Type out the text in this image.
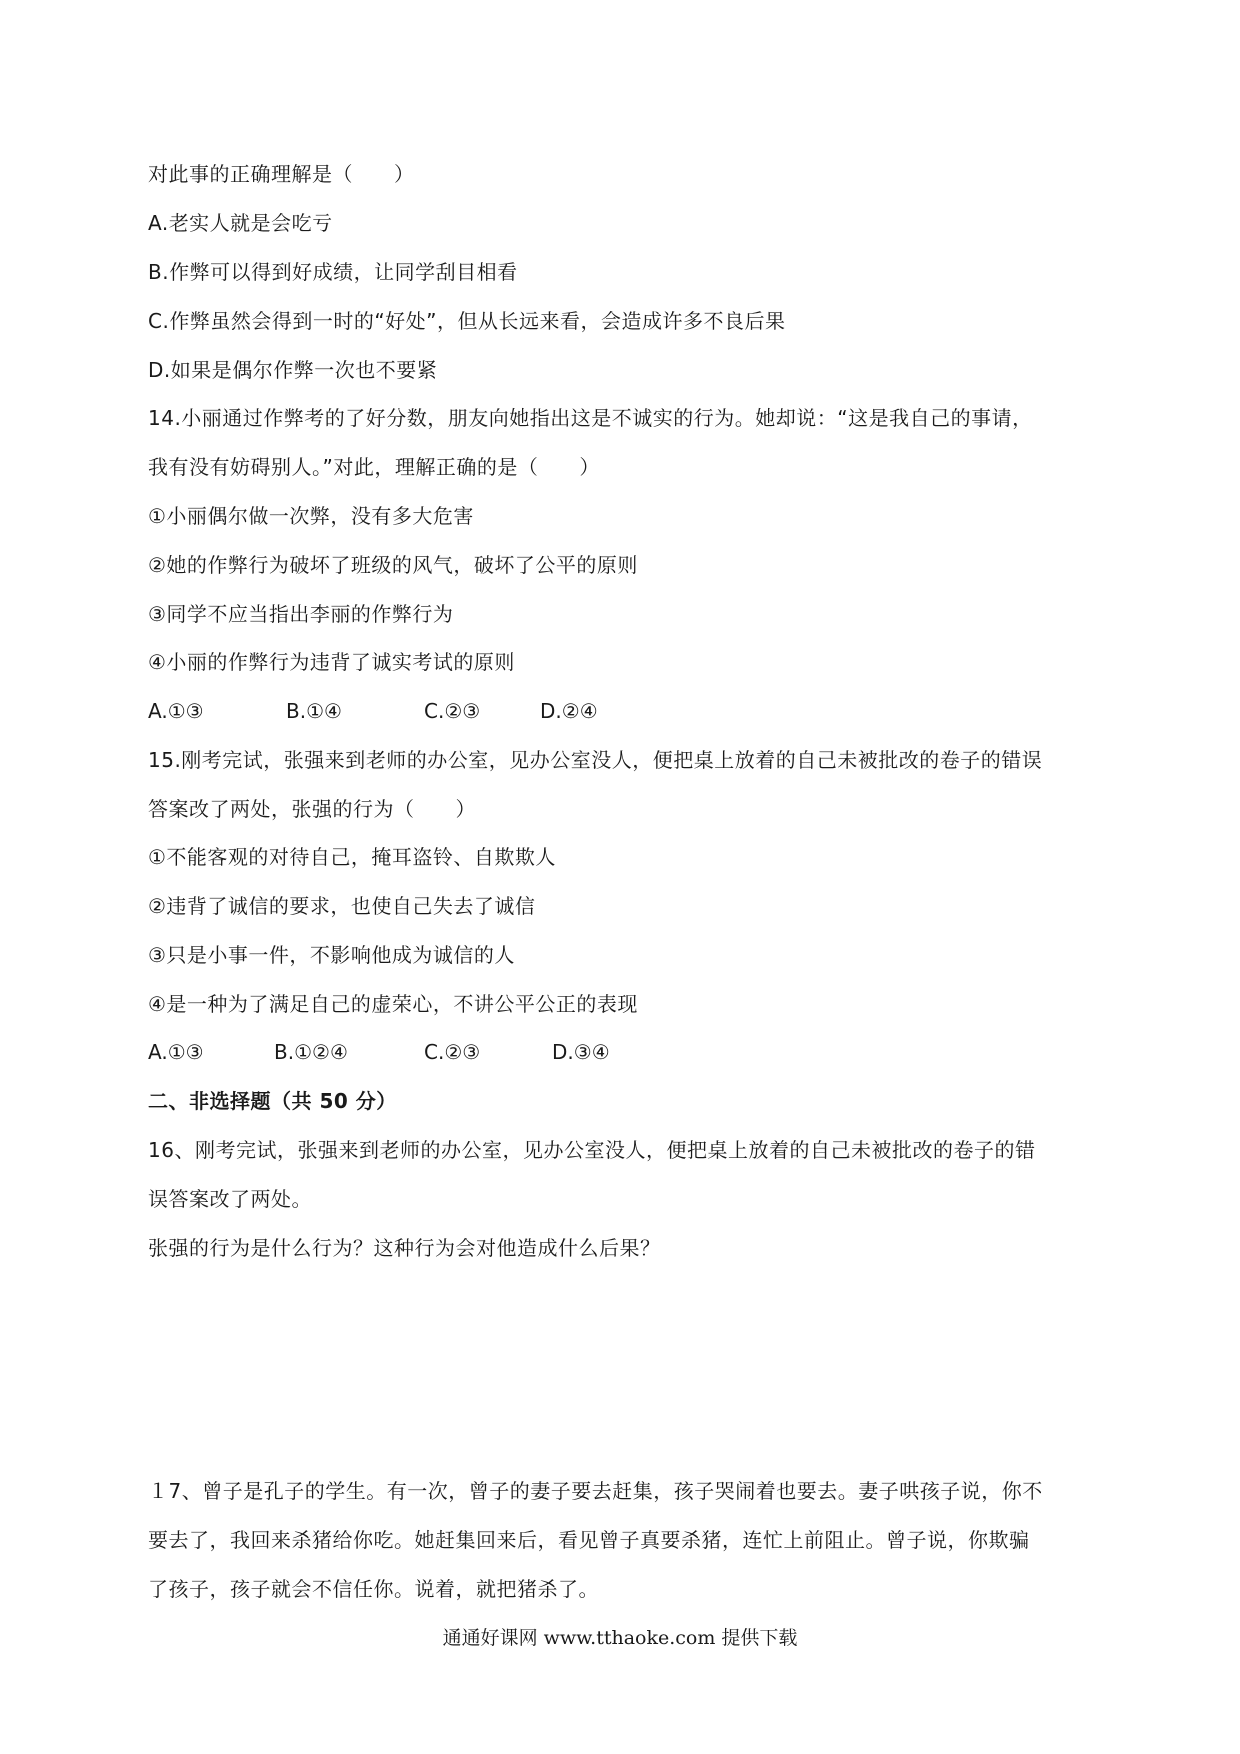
对此事的正确理解是（　　）
A.老实人就是会吃亏
B.作弊可以得到好成绩，让同学刮目相看
C.作弊虽然会得到一时的“好处”，但从长远来看，会造成许多不良后果
D.如果是偶尔作弊一次也不要紧
14.小丽通过作弊考的了好分数，朋友向她指出这是不诚实的行为。她却说：“这是我自己的事请，
我有没有妨碍别人。”对此，理解正确的是（　　）
①小丽偶尔做一次弊，没有多大危害
②她的作弊行为破坏了班级的风气，破坏了公平的原则
③同学不应当指出李丽的作弊行为
④小丽的作弊行为违背了诚实考试的原则
A.①③	B.①④	C.②③	D.②④
15.刚考完试，张强来到老师的办公室，见办公室没人，便把桌上放着的自己未被批改的卷子的错误
答案改了两处，张强的行为（　　）
①不能客观的对待自己，掩耳盗铃、自欺欺人
②违背了诚信的要求，也使自己失去了诚信
③只是小事一件，不影响他成为诚信的人
④是一种为了满足自己的虚荣心，不讲公平公正的表现
A.①③	B.①②④	C.②③	D.③④
二、非选择题（共 50 分）
16、刚考完试，张强来到老师的办公室，见办公室没人，便把桌上放着的自己未被批改的卷子的错
误答案改了两处。
张强的行为是什么行为？这种行为会对他造成什么后果？
１7、曾子是孔子的学生。有一次，曾子的妻子要去赶集，孩子哭闹着也要去。妻子哄孩子说，你不
要去了，我回来杀猪给你吃。她赶集回来后，看见曾子真要杀猪，连忙上前阻止。曾子说，你欺骗
了孩子，孩子就会不信任你。说着，就把猪杀了。
通通好课网 www.tthaoke.com 提供下载
